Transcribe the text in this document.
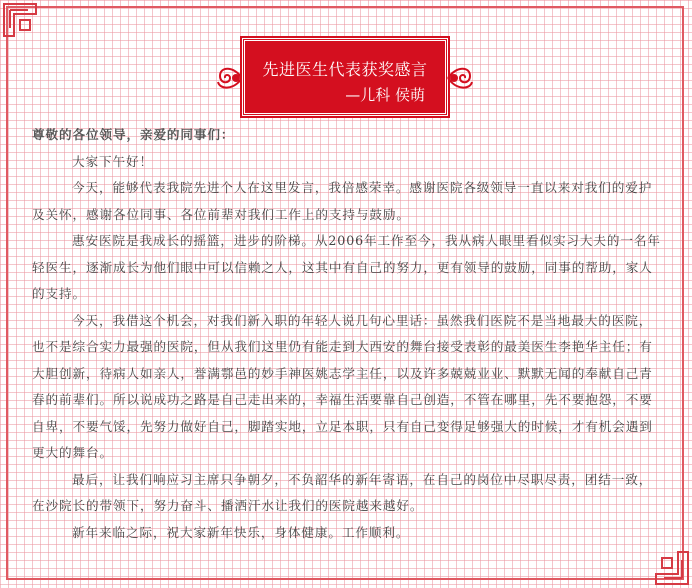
先进医生代表获奖感言
—儿科 侯萌

尊敬的各位领导，亲爱的同事们：

大家下午好！

今天，能够代表我院先进个人在这里发言，我倍感荣幸。感谢医院各级领导一直以来对我们的爱护及关怀，感谢各位同事、各位前辈对我们工作上的支持与鼓励。

惠安医院是我成长的摇篮，进步的阶梯。从2006年工作至今，我从病人眼里看似实习大夫的一名年轻医生，逐渐成长为他们眼中可以信赖之人，这其中有自己的努力，更有领导的鼓励，同事的帮助，家人的支持。

今天，我借这个机会，对我们新入职的年轻人说几句心里话：虽然我们医院不是当地最大的医院，也不是综合实力最强的医院，但从我们这里仍有能走到大西安的舞台接受表彰的最美医生李艳华主任；有大胆创新，待病人如亲人，誉满鄠邑的妙手神医姚志学主任，以及许多兢兢业业、默默无闻的奉献自己青春的前辈们。所以说成功之路是自己走出来的，幸福生活要靠自己创造，不管在哪里，先不要抱怨，不要自卑，不要气馁，先努力做好自己，脚踏实地，立足本职，只有自己变得足够强大的时候，才有机会遇到更大的舞台。

最后，让我们响应习主席只争朝夕，不负韶华的新年寄语，在自己的岗位中尽职尽责，团结一致，在沙院长的带领下，努力奋斗、播洒汗水让我们的医院越来越好。

新年来临之际，祝大家新年快乐，身体健康。工作顺利。
